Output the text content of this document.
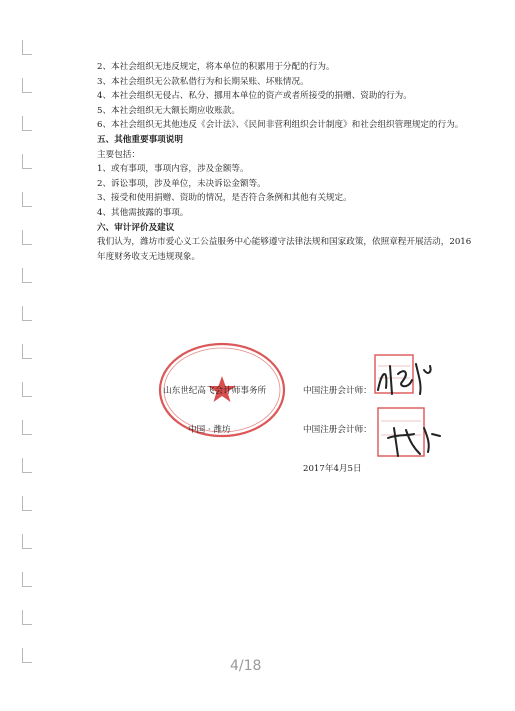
2、本社会组织无违反规定，将本单位的积累用于分配的行为。

3、本社会组织无公款私借行为和长期呆账、坏账情况。

4、本社会组织无侵占、私分、挪用本单位的资产或者所接受的捐赠、资助的行为。

5、本社会组织无大额长期应收账款。

6、本社会组织无其他违反《会计法》、《民间非营利组织会计制度》和社会组织管理规定的行为。

五、其他重要事项说明

主要包括：

1、或有事项，事项内容，涉及金额等。

2、诉讼事项，涉及单位，未决诉讼金额等。

3、接受和使用捐赠、资助的情况，是否符合条例和其他有关规定。

4、其他需披露的事项。

六、审计评价及建议

我们认为，潍坊市爱心义工公益服务中心能够遵守法律法规和国家政策，依照章程开展活动，2016年度财务收支无违规现象。

山东世纪高飞会计师事务所
中国 · 潍坊
中国注册会计师：
中国注册会计师：
2017年4月5日
4/18
